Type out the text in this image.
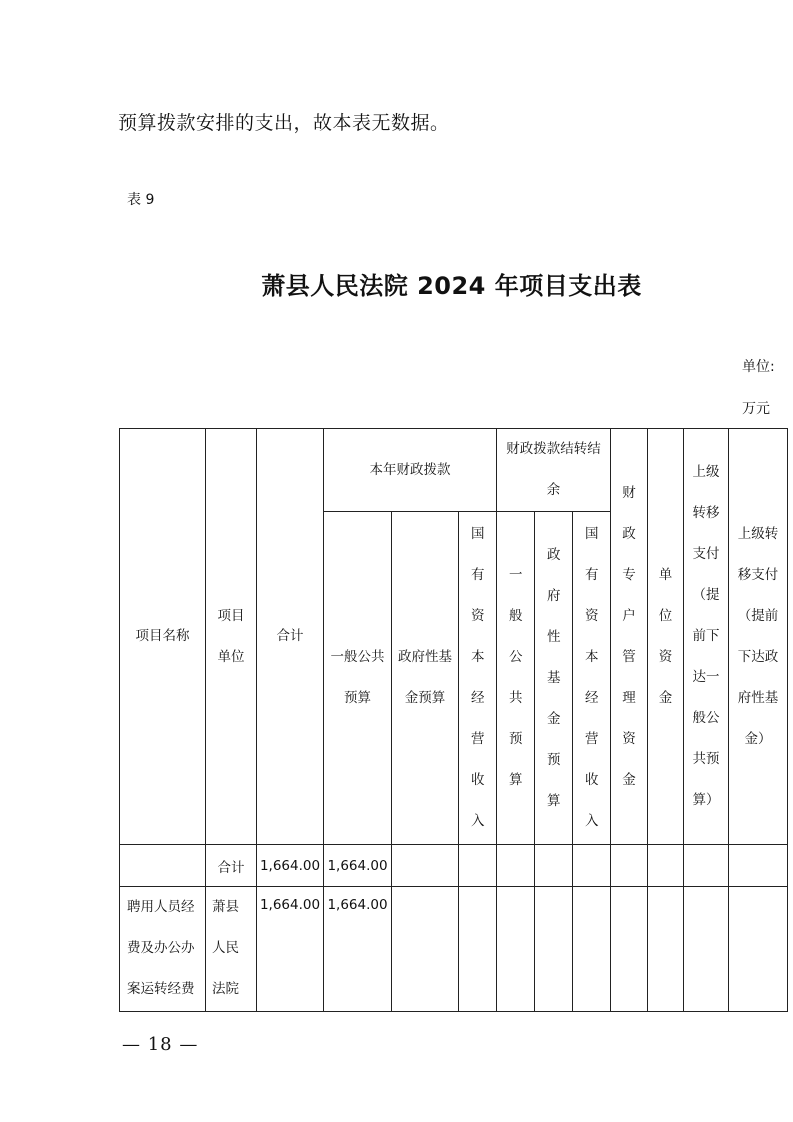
预算拨款安排的支出，故本表无数据。
表 9
萧县人民法院 2024 年项目支出表
单位:
万元
项目名称	项目单位	合计	本年财政拨款			财政拨款结转结余			财政专户管理资金	单位资金	上级转移支付（提前下达一般公共预算）	上级转移支付（提前下达政府性基金）

			一般公共预算	政府性基金预算	国有资本经营收入	一般公共预算	政府性基金预算	国有资本经营收入				

	合计	1,664.00	1,664.00									
聘用人员经费及办公办案运转经费	萧县人民法院	1,664.00	1,664.00									
— 18 —
